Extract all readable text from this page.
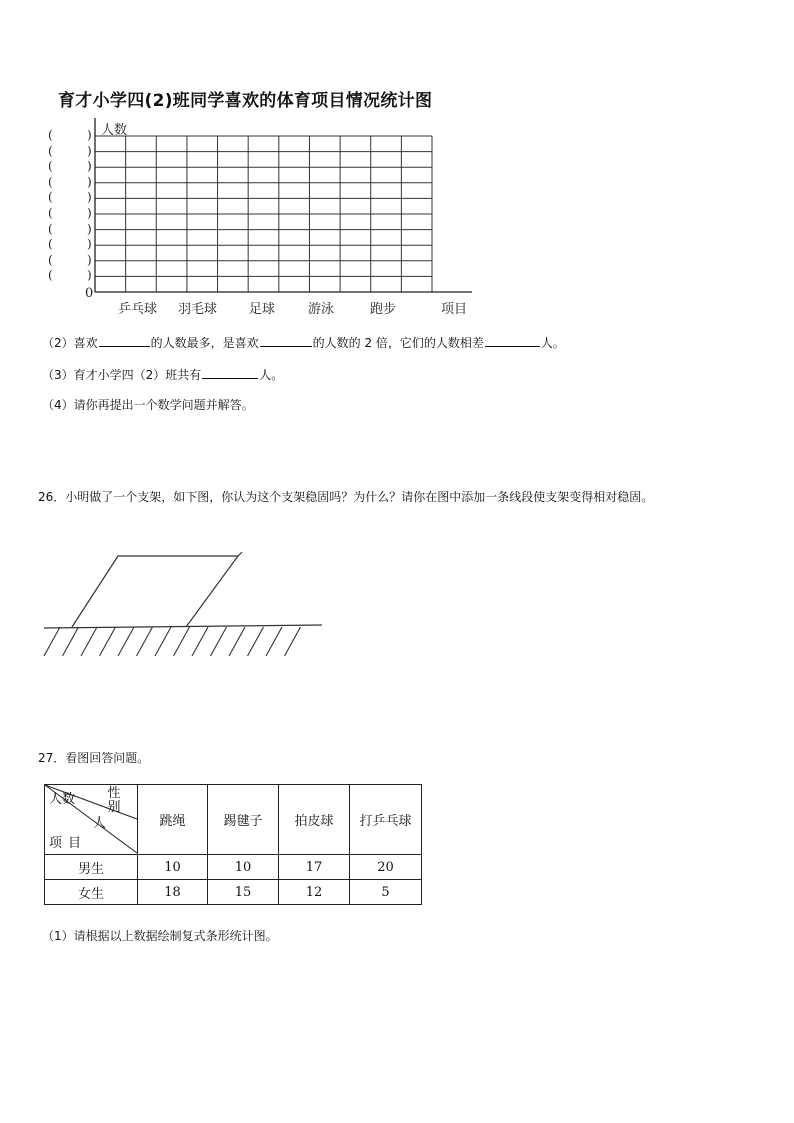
育才小学四(2)班同学喜欢的体育项目情况统计图
人数
项目
0
乒乓球 羽毛球 足球	游泳	跑步
(	)
(	)
(	)
(	)
(	)
(	)
(	)
(	)
(	)
(	)
（2）喜欢	的人数最多，是喜欢	的人数的 2 倍，它们的人数相差	人。
（3）育才小学四（2）班共有	人。
（4）请你再提出一个数学问题并解答。
26．小明做了一个支架，如下图，你认为这个支架稳固吗？为什么？请你在图中添加一条线段使支架变得相对稳固。
27．看图回答问题。
（1）请根据以上数据绘制复式条形统计图。
人数
人
性别
项目	跳绳	踢毽子	拍皮球	打乒乓球
男生	10	10	17	20
女生	18	15	12	5
